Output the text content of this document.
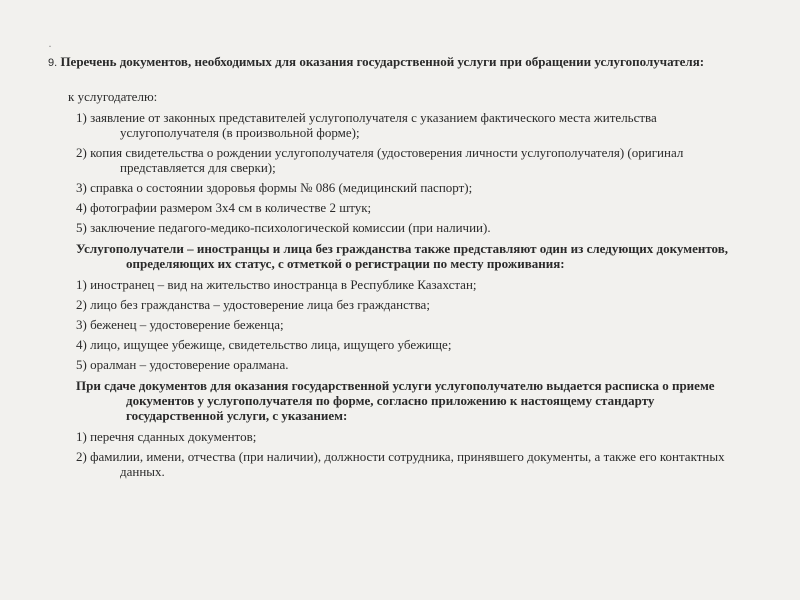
·
9. Перечень документов, необходимых для оказания государственной услуги при обращении услугополучателя:

к услугодателю:

1) заявление от законных представителей услугополучателя с указанием фактического места жительства услугополучателя (в произвольной форме);

2) копия свидетельства о рождении услугополучателя (удостоверения личности услугополучателя) (оригинал представляется для сверки);

3) справка о состоянии здоровья формы № 086 (медицинский паспорт);

4) фотографии размером 3х4 см в количестве 2 штук;

5) заключение педагого-медико-психологической комиссии (при наличии).

Услугополучатели – иностранцы и лица без гражданства также представляют один из следующих документов, определяющих их статус, с отметкой о регистрации по месту проживания:

1) иностранец – вид на жительство иностранца в Республике Казахстан;

2) лицо без гражданства – удостоверение лица без гражданства;

3) беженец – удостоверение беженца;

4) лицо, ищущее убежище, свидетельство лица, ищущего убежище;

5) оралман – удостоверение оралмана.

При сдаче документов для оказания государственной услуги услугополучателю выдается расписка о приеме документов у услугополучателя по форме, согласно приложению к настоящему стандарту государственной услуги, с указанием:

1) перечня сданных документов;

2) фамилии, имени, отчества (при наличии), должности сотрудника, принявшего документы, а также его контактных данных.
